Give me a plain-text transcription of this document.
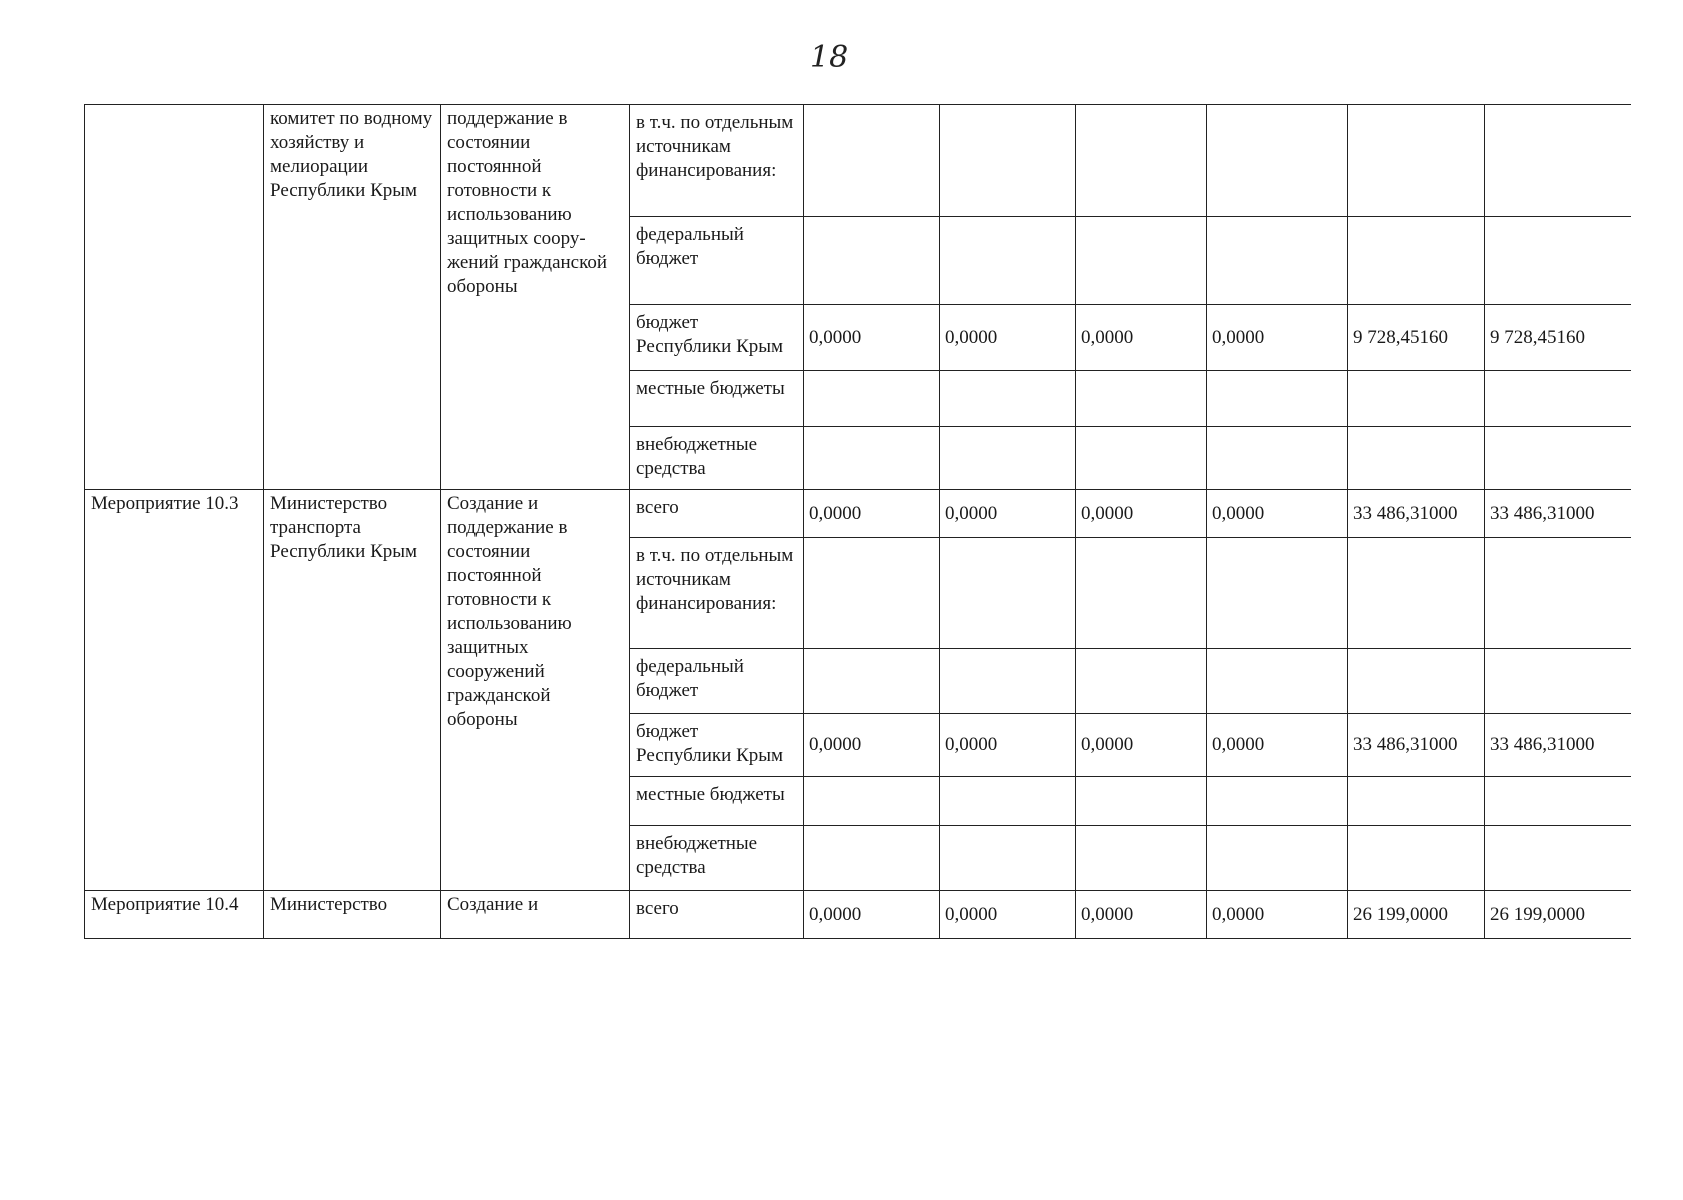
18
	комитет по водному хозяйству и мелиорации Республики Крым	поддержание в состоянии постоянной готовности к использованию защитных соору-жений гражданской обороны	в т.ч. по отдельным источникам финансирования:						
			федеральный бюджет						
			бюджет Республики Крым	0,0000	0,0000	0,0000	0,0000	9 728,45160	9 728,45160
			местные бюджеты						
			внебюджетные средства						
Мероприятие 10.3	Министерство транспорта Республики Крым	Создание и поддержание в состоянии постоянной готовности к использованию защитных сооружений гражданской обороны	всего	0,0000	0,0000	0,0000	0,0000	33 486,31000	33 486,31000
			в т.ч. по отдельным источникам финансирования:						
			федеральный бюджет						
			бюджет Республики Крым	0,0000	0,0000	0,0000	0,0000	33 486,31000	33 486,31000
			местные бюджеты						
			внебюджетные средства						
Мероприятие 10.4	Министерство	Создание и	всего	0,0000	0,0000	0,0000	0,0000	26 199,0000	26 199,0000
